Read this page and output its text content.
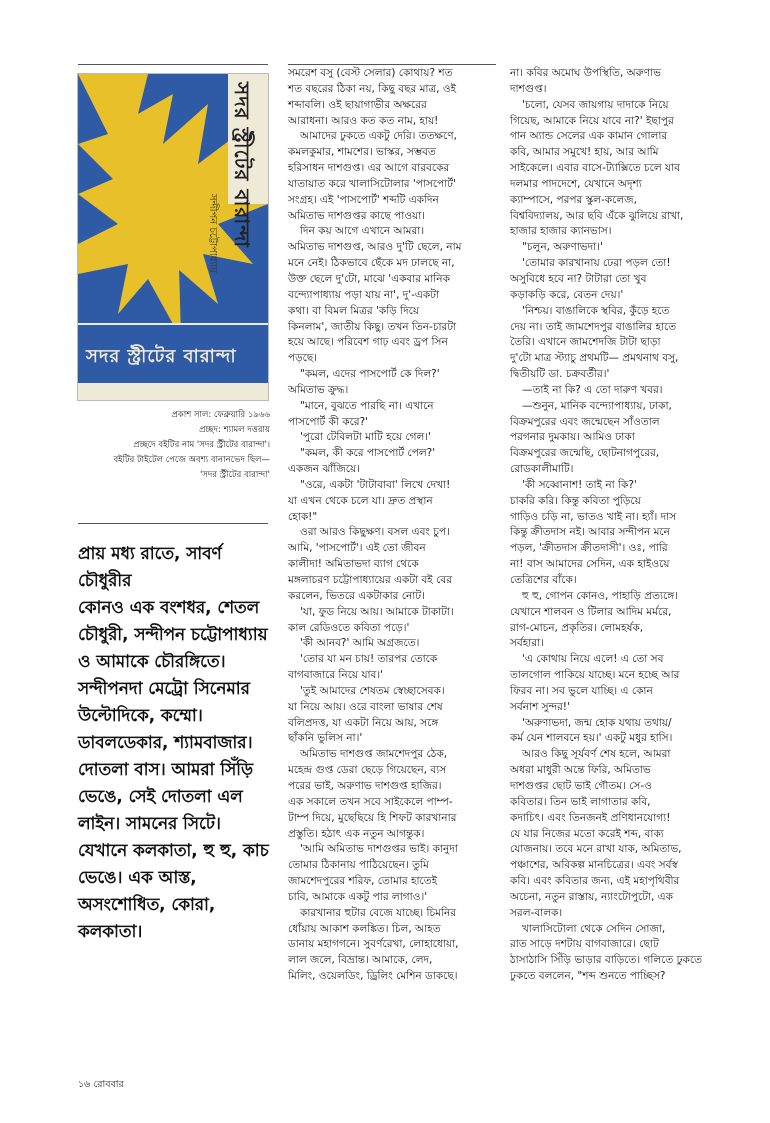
সদর স্ট্রীটের বারান্দা
সন্দীপন চট্টোপাধ্যায়
সদর স্ট্রীটের বারান্দা
প্রকাশ সাল: ফেব্রুয়ারি ১৯৬৬
প্রচ্ছদ: শ্যামল দত্তরায়
প্রচ্ছদে বইটির নাম 'সদর স্ট্রীটের বারান্দা'।
বইটির টাইটেল পেজে অবশ্য বানানভেদ ছিল—
'সদর স্ট্রীটের বারান্দা'
প্রায় মধ্য রাতে, সাবর্ণ চৌধুরীর
কোনও এক বংশধর, শেতল
চৌধুরী, সন্দীপন চট্টোপাধ্যায়
ও আমাকে চৌরঙ্গিতে।
সন্দীপনদা মেট্রো সিনেমার
উল্টোদিকে, কম্মো।
ডাবলডেকার, শ্যামবাজার।
দোতলা বাস। আমরা সিঁড়ি
ভেঙে, সেই দোতলা এল
লাইন। সামনের সিটে।
যেখানে কলকাতা, হু হু, কাচ
ভেঙে। এক আস্ত,
অসংশোধিত, কোরা,
কলকাতা।

সমরেশ বসু (বেস্ট সেলার) কোথায়? শত

শত বছরের ঠিকা নয়, কিছু বছর মাত্র, ওই

শব্দাবলি। ওই ছায়াগাভীর অক্ষরের

আরাধনা। আরও কত কত নাম, হায়!

আমাদের ঢুকতে একটু দেরি। ততক্ষণে,

কমলকুমার, শামশের। ভাস্কর, সম্ভবত

হরিসাধন দাশগুপ্ত। এর আগে বারবকের

যাতায়াত করে খালাসিটোলার 'পাসপোর্ট'

সংগ্রহ। এই 'পাসপোর্ট' শব্দটি একদিন

অমিতাভ দাশগুপ্তর কাছে পাওয়া।

দিন কয় আগে এখানে আমরা।

অমিতাভ দাশগুপ্ত, আরও দু'টি ছেলে, নাম

মনে নেই। ঠিকভাবে ছেঁকে মদ ঢালছে না,

উক্ত ছেলে দু'টো, মাঝে 'একবার মানিক

বন্দ্যোপাধ্যায় পড়া যায় না', দু'-একটা

কথা। বা বিমল মিত্রর 'কড়ি দিয়ে

কিনলাম', জাতীয় কিছু। তখন তিন-চারটা

হয়ে আছে। পরিবেশ গাঢ় এবং ড্রপ সিন

পড়ছে।

"কমল, এদের পাসপোর্ট কে দিল?'

অমিতাভ ক্রুদ্ধ।

"মানে, বুঝতে পারছি না। এখানে

পাসপোর্ট কী করে?'

'পুরো টেবিলটা মাটি হয়ে গেল।'

"কমল, কী করে পাসপোর্ট পেল?'

একজন ঝাঁজিয়ে।

"ওরে, একটা 'টাটাবাবা' লিখে দেখা!

যা এখন থেকে চলে যা। দ্রুত প্রস্থান

হোক!"

ওরা আরও কিছুক্ষণ। বসল এবং চুপ।

আমি, 'পাসপোর্ট'। এই তো জীবন

কালীদা! অমিতাভদা ব্যাগ থেকে

মঙ্গলাচরণ চট্টোপাধ্যায়ের একটা বই বের

করলেন, ভিতরে একটাকার নোট।

'যা, ফুড নিয়ে আয়। আমাকে টাকাটা।

কাল রেডিওতে কবিতা পড়ে।'

'কী আনব?' আমি অগ্রজতে।

'তোর যা মন চায়! তারপর তোকে

বাগবাজারে নিয়ে যাব।'

'তুই আমাদের শেষতম স্বেচ্ছাসেবক।

যা নিয়ে আয়। ওরে বাংলা ভাষার শেষ

বলিপ্রদত্ত, যা একটা নিয়ে আয়, সঙ্গে

ছাঁকনি ভুলিস না।'

অমিতাভ দাশগুপ্ত জামশেদপুর ঠেক,

মহেন্দ্র গুপ্ত ডেরা ছেড়ে গিয়েছেন, ব্যস

পরের ভাই, অরুণাভ দাশগুপ্ত হাজির।

এক সকালে তখন সবে সাইকেলে পাম্প-

টাম্প দিয়ে, মুছেছিয়ে হি শিফট কারখানার

প্রস্তুতি। হঠাৎ এক নতুন আগন্তুক।

'আমি অমিতাভ দাশগুপ্তর ভাই। কানুদা

তোমার ঠিকানায় পাঠিয়েছেন। তুমি

জামশেদপুরের শরিফ, তোমার হাতেই

চাবি, আমাকে একটু পার লাগাও।'

কারখানার হুটার বেজে যাচ্ছে। চিমনির

ধোঁয়ায় আকাশ কলঙ্কিত। চিল, আহত

ডানায় মহাগগনে। সুবর্ণরেখা, লোহাধোয়া,

লাল জলে, বিভ্রান্ত। আমাকে, লেদ,

মিলিং, ওয়েলডিং, ড্রিলিং মেশিন ডাকছে।

না। কবির অমোঘ উপস্থিতি, অরুণাভ

দাশগুপ্ত।

'চলো, যেসব জায়গায় দাদাকে নিয়ে

গিয়েছ, আমাকে নিয়ে যাবে না?' ইছাপুর

গান অ্যান্ড সেলের এক কামান গোলার

কবি, আমার সমুখে! হায়, আর আমি

সাইকেলে। এবার বাসে-ট্যাক্সিতে চলে যাব

দলমার পাদদেশে, যেখানে অদৃশ্য

ক্যাম্পাসে, পরপর স্কুল-কলেজ,

বিশ্ববিদ্যালয়, আর ছবি এঁকে ঝুলিয়ে রাখা,

হাজার হাজার ক্যানভাস।

"চলুন, অরুণাভদা।'

'তোমার কারখানায় ঢেরা পড়ল তো!

অসুবিধে হবে না? টাটারা তো খুব

কড়াকড়ি করে, বেতন দেয়।'

'নিশ্চয়। বাঙালিকে স্থবির, কুঁড়ে হতে

দেয় না। তাই জামশেদপুর বাঙালির হাতে

তৈরি। এখানে জামশেদজি টাটা ছাড়া

দু'টো মাত্র স্ট্যাচু প্রথমটি— প্রমথনাথ বসু,

দ্বিতীয়টি ডা. চক্রবর্তীর।'

—তাই না কি? এ তো দারুণ খবর।

—শুনুন, মানিক বন্দ্যোপাধ্যায়, ঢাকা,

বিক্রমপুরের এবং জন্মেছেন সাঁওতাল

পরগনার দুমকায়। আমিও ঢাকা

বিক্রমপুরের জন্মেছি, ছোটনাগপুরের,

রোডকালীমাটি।

'কী সব্বোনাশ! তাই না কি?'

চাকরি করি। কিন্তু কবিতা পুড়িয়ে

গাড়িও চড়ি না, ভাতও খাই না। হ্যাঁ। দাস

কিন্তু ক্রীতদাস নই। আবার সন্দীপন মনে

পড়ল, 'ক্রীতদাস ক্রীতদাসী'। ওঃ, পারি

না! বাস আমাদের সেদিন, এক হাইওয়ে

তেত্রিশের বাঁকে।

হু হু, গোপন কোনও, পাহাড়ি প্রত্যঙ্গে।

যেখানে শালবন ও টিলার আদিম মর্মরে,

রাগ-মোচন, প্রকৃতির। লোমহর্ষক,

সর্বহারা।

'এ কোথায় নিয়ে এলে! এ তো সব

তালগোল পাকিয়ে যাচ্ছে। মনে হচ্ছে আর

ফিরব না। সব ভুলে যাচ্ছি। এ কোন

সর্বনাশ সুন্দর!'

'অরুণাভদা, জন্ম হোক যথায় তথায়/

কর্ম যেন শালবনে হয়।' একটু মধুর হাসি।

আরও কিছু সূর্যবর্ণ শেষ হলে, আমরা

অধরা মাধুরী অন্তে ফিরি, অমিতাভ

দাশগুপ্তর ছোট ভাই গৌতম। সে-ও

কবিতার। তিন ভাই লাগাতার কবি,

কদাচিৎ। এবং তিনজনই প্রণিধানযোগ্য!

যে যার নিজের মতো করেই শব্দ, বাক্য

যোজনায়। তবে মনে রাখা যাক, অমিতাভ,

পঞ্চাশের, অবিকল্প মানচিত্রের। এবং সর্বস্ব

কবি। এবং কবিতার জন্য, এই মহাপৃথিবীর

অচেনা, নতুন রাস্তায়, ন্যাংটোপুটো, এক

সরল-বালক।

খালাসিটোলা থেকে সেদিন সোজা,

রাত সাড়ে দশটায় বাগবাজারে। ছোট

ঠাসাঠাসি সিঁড়ি ভাড়ার বাড়িতে। গলিতে ঢুকতে

ঢুকতে বললেন, "শব্দ শুনতে পাচ্ছিস?

১৬ রোববার
